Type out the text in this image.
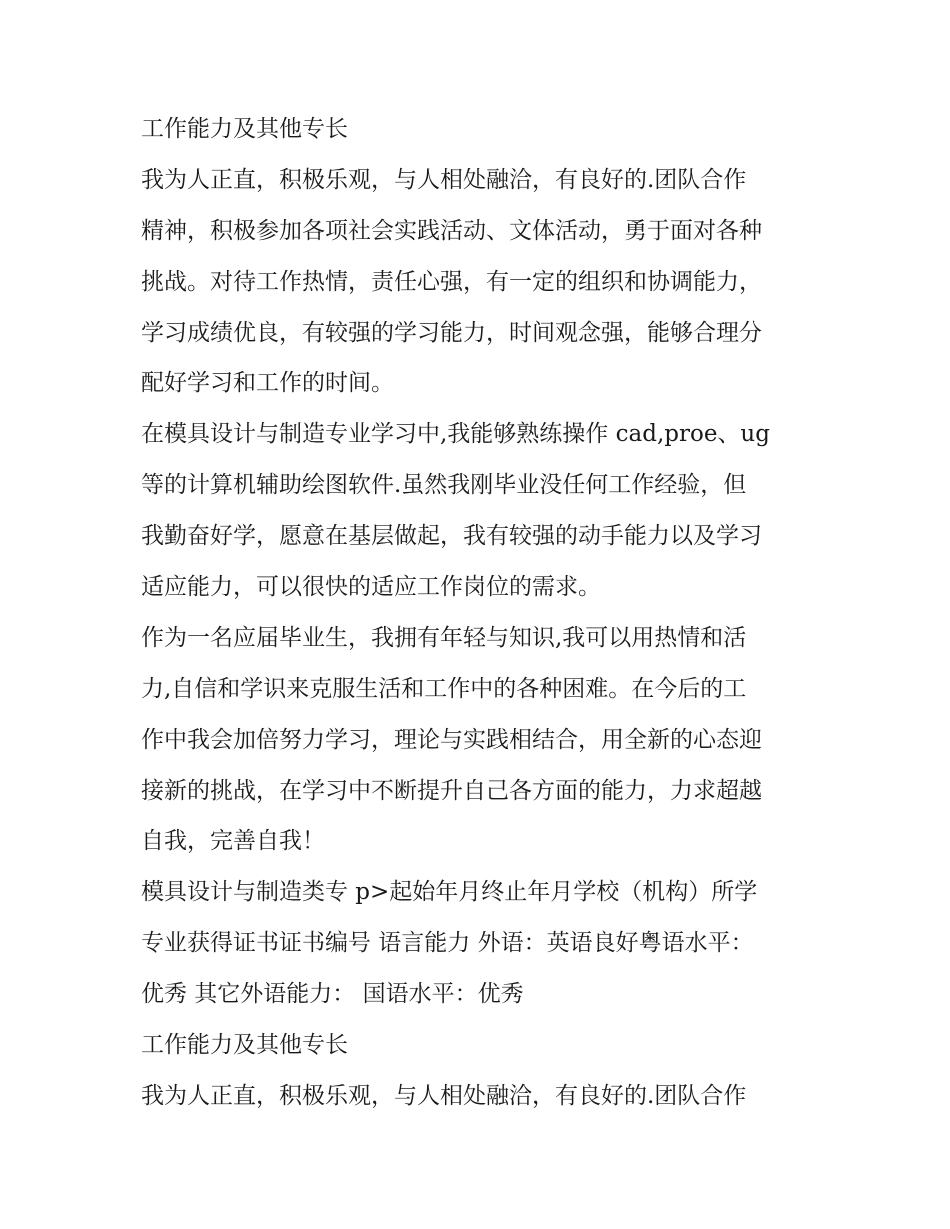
工作能力及其他专长
我为人正直，积极乐观，与人相处融洽，有良好的.团队合作
精神，积极参加各项社会实践活动、文体活动，勇于面对各种
挑战。对待工作热情，责任心强，有一定的组织和协调能力，
学习成绩优良，有较强的学习能力，时间观念强，能够合理分
配好学习和工作的时间。
在模具设计与制造专业学习中,我能够熟练操作 cad,proe、ug
等的计算机辅助绘图软件.虽然我刚毕业没任何工作经验，但
我勤奋好学，愿意在基层做起，我有较强的动手能力以及学习
适应能力，可以很快的适应工作岗位的需求。
作为一名应届毕业生，我拥有年轻与知识,我可以用热情和活
力,自信和学识来克服生活和工作中的各种困难。在今后的工
作中我会加倍努力学习，理论与实践相结合，用全新的心态迎
接新的挑战，在学习中不断提升自己各方面的能力，力求超越
自我，完善自我！
模具设计与制造类专 p>起始年月终止年月学校（机构）所学
专业获得证书证书编号 语言能力 外语：英语良好粤语水平：
优秀 其它外语能力： 国语水平：优秀
工作能力及其他专长
我为人正直，积极乐观，与人相处融洽，有良好的.团队合作
